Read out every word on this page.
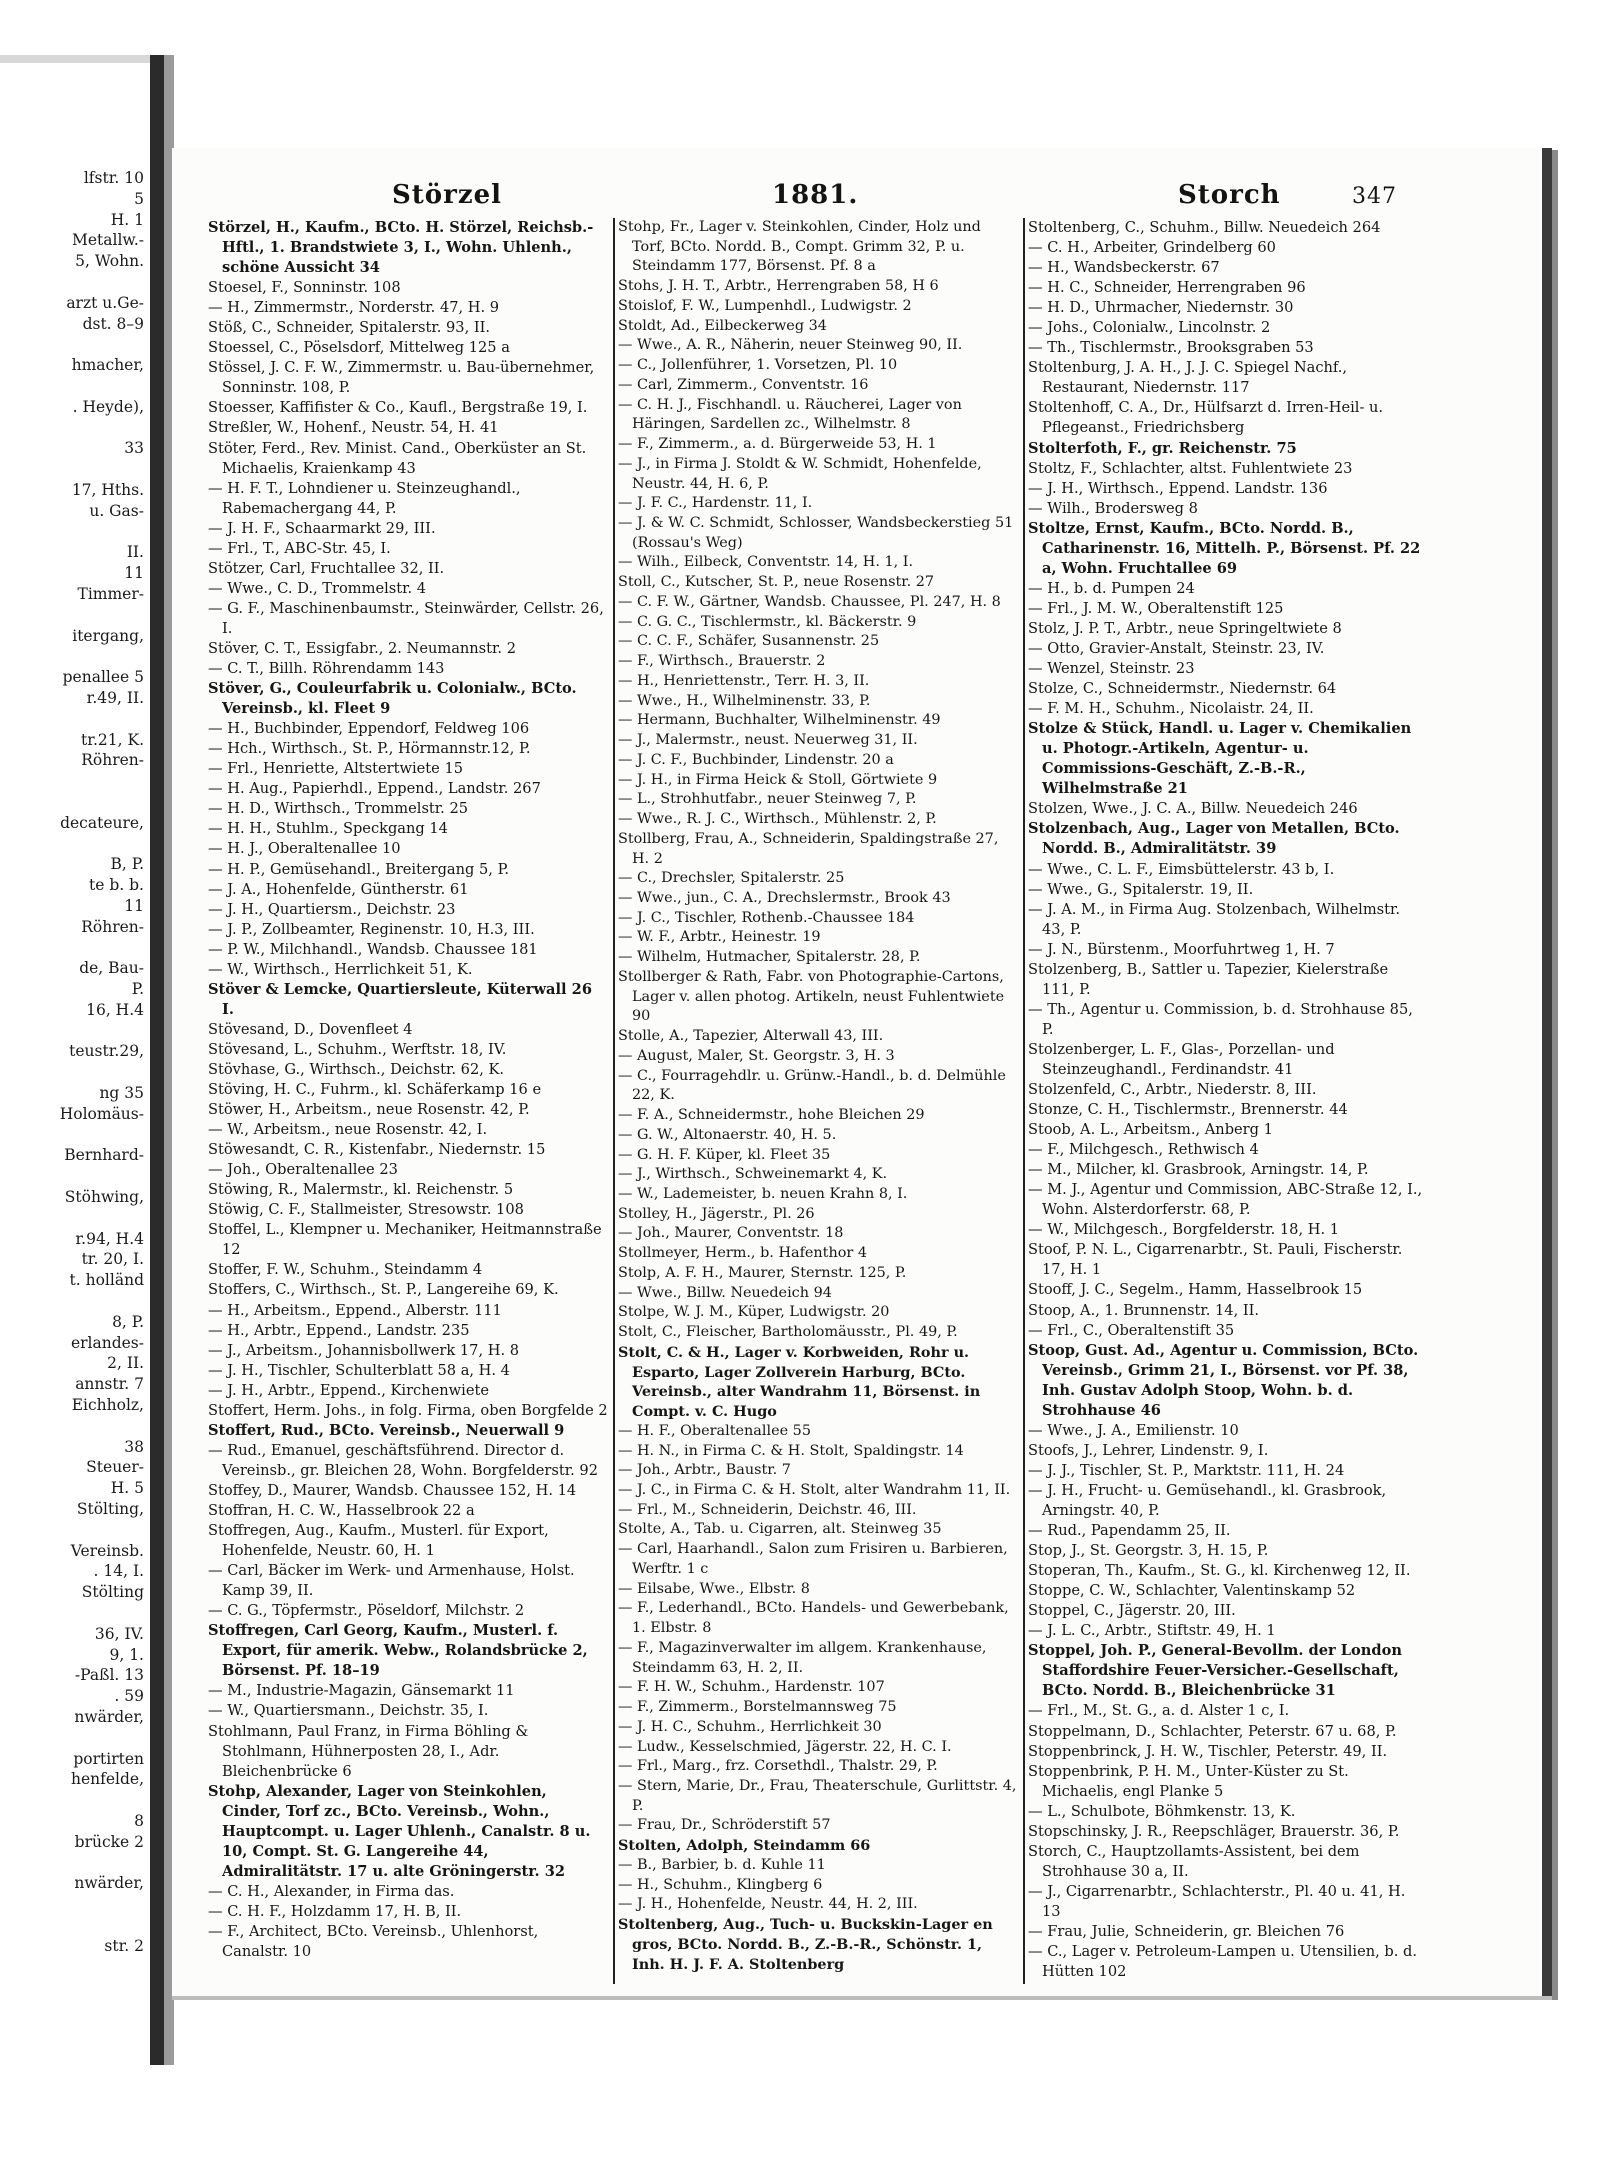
lfstr. 10
5
H. 1
Metallw.-
5, Wohn.
arzt u.Ge-
dst. 8–9
hmacher,
. Heyde),
33
17, Hths.
u. Gas-
II.
11
Timmer-
itergang,
penallee 5
r.49, II.
tr.21, K.
Röhren-
decateure,
B, P.
te b. b.
11
Röhren-
de, Bau-
P.
16, H.4
teustr.29,
ng 35
Holomäus-
Bernhard-
Stöhwing,
r.94, H.4
tr. 20, I.
t. holländ
8, P.
erlandes-
2, II.
annstr. 7
Eichholz,
38
Steuer-
H. 5
Stölting,
Vereinsb.
. 14, I.
Stölting
36, IV.
9, 1.
-Paßl. 13
. 59
nwärder,
portirten
henfelde,
8
brücke 2
nwärder,
str. 2
Störzel	1881.	Storch	347
Störzel, H., Kaufm., BCto. H. Störzel, Reichsb.-Hftl., 1. Brandstwiete 3, I., Wohn. Uhlenh., schöne Aussicht 34
Stoesel, F., Sonninstr. 108
— H., Zimmermstr., Norderstr. 47, H. 9
Stöß, C., Schneider, Spitalerstr. 93, II.
Stoessel, C., Pöselsdorf, Mittelweg 125 a
Stössel, J. C. F. W., Zimmermstr. u. Bau-übernehmer, Sonninstr. 108, P.
Stoesser, Kaffifister & Co., Kaufl., Bergstraße 19, I.
Streßler, W., Hohenf., Neustr. 54, H. 41
Stöter, Ferd., Rev. Minist. Cand., Oberküster an St. Michaelis, Kraienkamp 43
— H. F. T., Lohndiener u. Steinzeughandl., Rabemachergang 44, P.
— J. H. F., Schaarmarkt 29, III.
— Frl., T., ABC-Str. 45, I.
Stötzer, Carl, Fruchtallee 32, II.
— Wwe., C. D., Trommelstr. 4
— G. F., Maschinenbaumstr., Steinwärder, Cellstr. 26, I.
Stöver, C. T., Essigfabr., 2. Neumannstr. 2
— C. T., Billh. Röhrendamm 143
Stöver, G., Couleurfabrik u. Colonialw., BCto. Vereinsb., kl. Fleet 9
— H., Buchbinder, Eppendorf, Feldweg 106
— Hch., Wirthsch., St. P., Hörmannstr.12, P.
— Frl., Henriette, Altstertwiete 15
— H. Aug., Papierhdl., Eppend., Landstr. 267
— H. D., Wirthsch., Trommelstr. 25
— H. H., Stuhlm., Speckgang 14
— H. J., Oberaltenallee 10
— H. P., Gemüsehandl., Breitergang 5, P.
— J. A., Hohenfelde, Güntherstr. 61
— J. H., Quartiersm., Deichstr. 23
— J. P., Zollbeamter, Reginenstr. 10, H.3, III.
— P. W., Milchhandl., Wandsb. Chaussee 181
— W., Wirthsch., Herrlichkeit 51, K.
Stöver & Lemcke, Quartiersleute, Küterwall 26 I.
Stövesand, D., Dovenfleet 4
Stövesand, L., Schuhm., Werftstr. 18, IV.
Stövhase, G., Wirthsch., Deichstr. 62, K.
Stöving, H. C., Fuhrm., kl. Schäferkamp 16 e
Stöwer, H., Arbeitsm., neue Rosenstr. 42, P.
— W., Arbeitsm., neue Rosenstr. 42, I.
Stöwesandt, C. R., Kistenfabr., Niedernstr. 15
— Joh., Oberaltenallee 23
Stöwing, R., Malermstr., kl. Reichenstr. 5
Stöwig, C. F., Stallmeister, Stresowstr. 108
Stoffel, L., Klempner u. Mechaniker, Heitmannstraße 12
Stoffer, F. W., Schuhm., Steindamm 4
Stoffers, C., Wirthsch., St. P., Langereihe 69, K.
— H., Arbeitsm., Eppend., Alberstr. 111
— H., Arbtr., Eppend., Landstr. 235
— J., Arbeitsm., Johannisbollwerk 17, H. 8
— J. H., Tischler, Schulterblatt 58 a, H. 4
— J. H., Arbtr., Eppend., Kirchenwiete
Stoffert, Herm. Johs., in folg. Firma, oben Borgfelde 2
Stoffert, Rud., BCto. Vereinsb., Neuerwall 9
— Rud., Emanuel, geschäftsführend. Director d. Vereinsb., gr. Bleichen 28, Wohn. Borgfelderstr. 92
Stoffey, D., Maurer, Wandsb. Chaussee 152, H. 14
Stoffran, H. C. W., Hasselbrook 22 a
Stoffregen, Aug., Kaufm., Musterl. für Export, Hohenfelde, Neustr. 60, H. 1
— Carl, Bäcker im Werk- und Armenhause, Holst. Kamp 39, II.
— C. G., Töpfermstr., Pöseldorf, Milchstr. 2
Stoffregen, Carl Georg, Kaufm., Musterl. f. Export, für amerik. Webw., Rolandsbrücke 2, Börsenst. Pf. 18–19
— M., Industrie-Magazin, Gänsemarkt 11
— W., Quartiersmann., Deichstr. 35, I.
Stohlmann, Paul Franz, in Firma Böhling & Stohlmann, Hühnerposten 28, I., Adr. Bleichenbrücke 6
Stohp, Alexander, Lager von Steinkohlen, Cinder, Torf zc., BCto. Vereinsb., Wohn., Hauptcompt. u. Lager Uhlenh., Canalstr. 8 u. 10, Compt. St. G. Langereihe 44, Admiralitätstr. 17 u. alte Gröningerstr. 32
— C. H., Alexander, in Firma das.
— C. H. F., Holzdamm 17, H. B, II.
— F., Architect, BCto. Vereinsb., Uhlenhorst, Canalstr. 10
Stohp, Fr., Lager v. Steinkohlen, Cinder, Holz und Torf, BCto. Nordd. B., Compt. Grimm 32, P. u. Steindamm 177, Börsenst. Pf. 8 a
Stohs, J. H. T., Arbtr., Herrengraben 58, H 6
Stoislof, F. W., Lumpenhdl., Ludwigstr. 2
Stoldt, Ad., Eilbeckerweg 34
— Wwe., A. R., Näherin, neuer Steinweg 90, II.
— C., Jollenführer, 1. Vorsetzen, Pl. 10
— Carl, Zimmerm., Conventstr. 16
— C. H. J., Fischhandl. u. Räucherei, Lager von Häringen, Sardellen zc., Wilhelmstr. 8
— F., Zimmerm., a. d. Bürgerweide 53, H. 1
— J., in Firma J. Stoldt & W. Schmidt, Hohenfelde, Neustr. 44, H. 6, P.
— J. F. C., Hardenstr. 11, I.
— J. & W. C. Schmidt, Schlosser, Wandsbeckerstieg 51 (Rossau's Weg)
— Wilh., Eilbeck, Conventstr. 14, H. 1, I.
Stoll, C., Kutscher, St. P., neue Rosenstr. 27
— C. F. W., Gärtner, Wandsb. Chaussee, Pl. 247, H. 8
— C. G. C., Tischlermstr., kl. Bäckerstr. 9
— C. C. F., Schäfer, Susannenstr. 25
— F., Wirthsch., Brauerstr. 2
— H., Henriettenstr., Terr. H. 3, II.
— Wwe., H., Wilhelminenstr. 33, P.
— Hermann, Buchhalter, Wilhelminenstr. 49
— J., Malermstr., neust. Neuerweg 31, II.
— J. C. F., Buchbinder, Lindenstr. 20 a
— J. H., in Firma Heick & Stoll, Görtwiete 9
— L., Strohhutfabr., neuer Steinweg 7, P.
— Wwe., R. J. C., Wirthsch., Mühlenstr. 2, P.
Stollberg, Frau, A., Schneiderin, Spaldingstraße 27, H. 2
— C., Drechsler, Spitalerstr. 25
— Wwe., jun., C. A., Drechslermstr., Brook 43
— J. C., Tischler, Rothenb.-Chaussee 184
— W. F., Arbtr., Heinestr. 19
— Wilhelm, Hutmacher, Spitalerstr. 28, P.
Stollberger & Rath, Fabr. von Photographie-Cartons, Lager v. allen photog. Artikeln, neust Fuhlentwiete 90
Stolle, A., Tapezier, Alterwall 43, III.
— August, Maler, St. Georgstr. 3, H. 3
— C., Fourragehdlr. u. Grünw.-Handl., b. d. Delmühle 22, K.
— F. A., Schneidermstr., hohe Bleichen 29
— G. W., Altonaerstr. 40, H. 5.
— G. H. F. Küper, kl. Fleet 35
— J., Wirthsch., Schweinemarkt 4, K.
— W., Lademeister, b. neuen Krahn 8, I.
Stolley, H., Jägerstr., Pl. 26
— Joh., Maurer, Conventstr. 18
Stollmeyer, Herm., b. Hafenthor 4
Stolp, A. F. H., Maurer, Sternstr. 125, P.
— Wwe., Billw. Neuedeich 94
Stolpe, W. J. M., Küper, Ludwigstr. 20
Stolt, C., Fleischer, Bartholomäusstr., Pl. 49, P.
Stolt, C. & H., Lager v. Korbweiden, Rohr u. Esparto, Lager Zollverein Harburg, BCto. Vereinsb., alter Wandrahm 11, Börsenst. in Compt. v. C. Hugo
— H. F., Oberaltenallee 55
— H. N., in Firma C. & H. Stolt, Spaldingstr. 14
— Joh., Arbtr., Baustr. 7
— J. C., in Firma C. & H. Stolt, alter Wandrahm 11, II.
— Frl., M., Schneiderin, Deichstr. 46, III.
Stolte, A., Tab. u. Cigarren, alt. Steinweg 35
— Carl, Haarhandl., Salon zum Frisiren u. Barbieren, Werftr. 1 c
— Eilsabe, Wwe., Elbstr. 8
— F., Lederhandl., BCto. Handels- und Gewerbebank, 1. Elbstr. 8
— F., Magazinverwalter im allgem. Krankenhause, Steindamm 63, H. 2, II.
— F. H. W., Schuhm., Hardenstr. 107
— F., Zimmerm., Borstelmannsweg 75
— J. H. C., Schuhm., Herrlichkeit 30
— Ludw., Kesselschmied, Jägerstr. 22, H. C. I.
— Frl., Marg., frz. Corsethdl., Thalstr. 29, P.
— Stern, Marie, Dr., Frau, Theaterschule, Gurlittstr. 4, P.
— Frau, Dr., Schröderstift 57
Stolten, Adolph, Steindamm 66
— B., Barbier, b. d. Kuhle 11
— H., Schuhm., Klingberg 6
— J. H., Hohenfelde, Neustr. 44, H. 2, III.
Stoltenberg, Aug., Tuch- u. Buckskin-Lager en gros, BCto. Nordd. B., Z.-B.-R., Schönstr. 1, Inh. H. J. F. A. Stoltenberg
Stoltenberg, C., Schuhm., Billw. Neuedeich 264
— C. H., Arbeiter, Grindelberg 60
— H., Wandsbeckerstr. 67
— H. C., Schneider, Herrengraben 96
— H. D., Uhrmacher, Niedernstr. 30
— Johs., Colonialw., Lincolnstr. 2
— Th., Tischlermstr., Brooksgraben 53
Stoltenburg, J. A. H., J. J. C. Spiegel Nachf., Restaurant, Niedernstr. 117
Stoltenhoff, C. A., Dr., Hülfsarzt d. Irren-Heil- u. Pflegeanst., Friedrichsberg
Stolterfoth, F., gr. Reichenstr. 75
Stoltz, F., Schlachter, altst. Fuhlentwiete 23
— J. H., Wirthsch., Eppend. Landstr. 136
— Wilh., Brodersweg 8
Stoltze, Ernst, Kaufm., BCto. Nordd. B., Catharinenstr. 16, Mittelh. P., Börsenst. Pf. 22 a, Wohn. Fruchtallee 69
— H., b. d. Pumpen 24
— Frl., J. M. W., Oberaltenstift 125
Stolz, J. P. T., Arbtr., neue Springeltwiete 8
— Otto, Gravier-Anstalt, Steinstr. 23, IV.
— Wenzel, Steinstr. 23
Stolze, C., Schneidermstr., Niedernstr. 64
— F. M. H., Schuhm., Nicolaistr. 24, II.
Stolze & Stück, Handl. u. Lager v. Chemikalien u. Photogr.-Artikeln, Agentur- u. Commissions-Geschäft, Z.-B.-R., Wilhelmstraße 21
Stolzen, Wwe., J. C. A., Billw. Neuedeich 246
Stolzenbach, Aug., Lager von Metallen, BCto. Nordd. B., Admiralitätstr. 39
— Wwe., C. L. F., Eimsbüttelerstr. 43 b, I.
— Wwe., G., Spitalerstr. 19, II.
— J. A. M., in Firma Aug. Stolzenbach, Wilhelmstr. 43, P.
— J. N., Bürstenm., Moorfuhrtweg 1, H. 7
Stolzenberg, B., Sattler u. Tapezier, Kielerstraße 111, P.
— Th., Agentur u. Commission, b. d. Strohhause 85, P.
Stolzenberger, L. F., Glas-, Porzellan- und Steinzeughandl., Ferdinandstr. 41
Stolzenfeld, C., Arbtr., Niederstr. 8, III.
Stonze, C. H., Tischlermstr., Brennerstr. 44
Stoob, A. L., Arbeitsm., Anberg 1
— F., Milchgesch., Rethwisch 4
— M., Milcher, kl. Grasbrook, Arningstr. 14, P.
— M. J., Agentur und Commission, ABC-Straße 12, I., Wohn. Alsterdorferstr. 68, P.
— W., Milchgesch., Borgfelderstr. 18, H. 1
Stoof, P. N. L., Cigarrenarbtr., St. Pauli, Fischerstr. 17, H. 1
Stooff, J. C., Segelm., Hamm, Hasselbrook 15
Stoop, A., 1. Brunnenstr. 14, II.
— Frl., C., Oberaltenstift 35
Stoop, Gust. Ad., Agentur u. Commission, BCto. Vereinsb., Grimm 21, I., Börsenst. vor Pf. 38, Inh. Gustav Adolph Stoop, Wohn. b. d. Strohhause 46
— Wwe., J. A., Emilienstr. 10
Stoofs, J., Lehrer, Lindenstr. 9, I.
— J. J., Tischler, St. P., Marktstr. 111, H. 24
— J. H., Frucht- u. Gemüsehandl., kl. Grasbrook, Arningstr. 40, P.
— Rud., Papendamm 25, II.
Stop, J., St. Georgstr. 3, H. 15, P.
Stoperan, Th., Kaufm., St. G., kl. Kirchenweg 12, II.
Stoppe, C. W., Schlachter, Valentinskamp 52
Stoppel, C., Jägerstr. 20, III.
— J. L. C., Arbtr., Stiftstr. 49, H. 1
Stoppel, Joh. P., General-Bevollm. der London Staffordshire Feuer-Versicher.-Gesellschaft, BCto. Nordd. B., Bleichenbrücke 31
— Frl., M., St. G., a. d. Alster 1 c, I.
Stoppelmann, D., Schlachter, Peterstr. 67 u. 68, P.
Stoppenbrinck, J. H. W., Tischler, Peterstr. 49, II.
Stoppenbrink, P. H. M., Unter-Küster zu St. Michaelis, engl Planke 5
— L., Schulbote, Böhmkenstr. 13, K.
Stopschinsky, J. R., Reepschläger, Brauerstr. 36, P.
Storch, C., Hauptzollamts-Assistent, bei dem Strohhause 30 a, II.
— J., Cigarrenarbtr., Schlachterstr., Pl. 40 u. 41, H. 13
— Frau, Julie, Schneiderin, gr. Bleichen 76
— C., Lager v. Petroleum-Lampen u. Utensilien, b. d. Hütten 102
